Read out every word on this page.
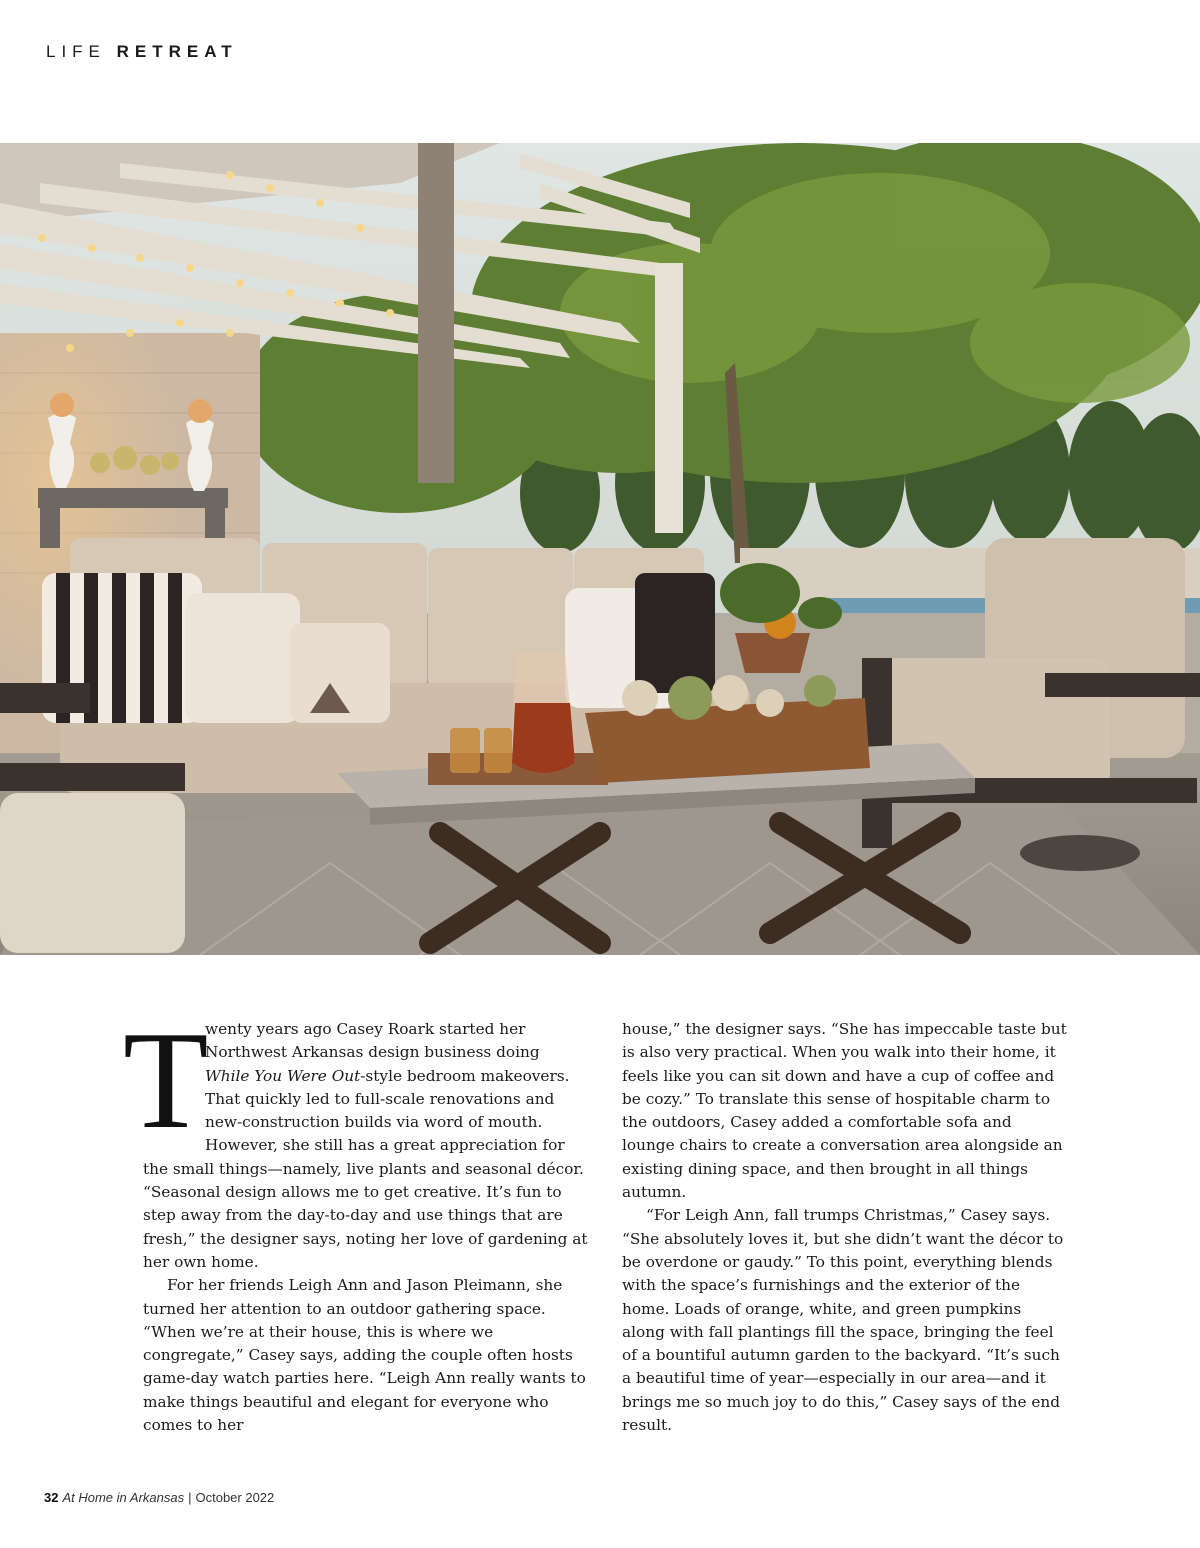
LIFE RETREAT

T
wenty years ago Casey Roark started her Northwest Arkansas design business doing While You Were Out-style bedroom makeovers. That quickly led to full-scale renovations and new-construction builds via word of mouth. However, she still has a great appreciation for the small things—namely, live plants and seasonal décor. “Seasonal design allows me to get creative. It’s fun to step away from the day-to-day and use things that are fresh,” the designer says, noting her love of gardening at her own home.

For her friends Leigh Ann and Jason Pleimann, she turned her attention to an outdoor gathering space. “When we’re at their house, this is where we congregate,” Casey says, adding the couple often hosts game-day watch parties here. “Leigh Ann really wants to make things beautiful and elegant for everyone who comes to her

house,” the designer says. “She has impeccable taste but is also very practical. When you walk into their home, it feels like you can sit down and have a cup of coffee and be cozy.” To translate this sense of hospitable charm to the outdoors, Casey added a comfortable sofa and lounge chairs to create a conversation area alongside an existing dining space, and then brought in all things autumn.

“For Leigh Ann, fall trumps Christmas,” Casey says. “She absolutely loves it, but she didn’t want the décor to be overdone or gaudy.” To this point, everything blends with the space’s furnishings and the exterior of the home. Loads of orange, white, and green pumpkins along with fall plantings fill the space, bringing the feel of a bountiful autumn garden to the backyard. “It’s such a beautiful time of year—especially in our area—and it brings me so much joy to do this,” Casey says of the end result.

32 At Home in Arkansas | October 2022
